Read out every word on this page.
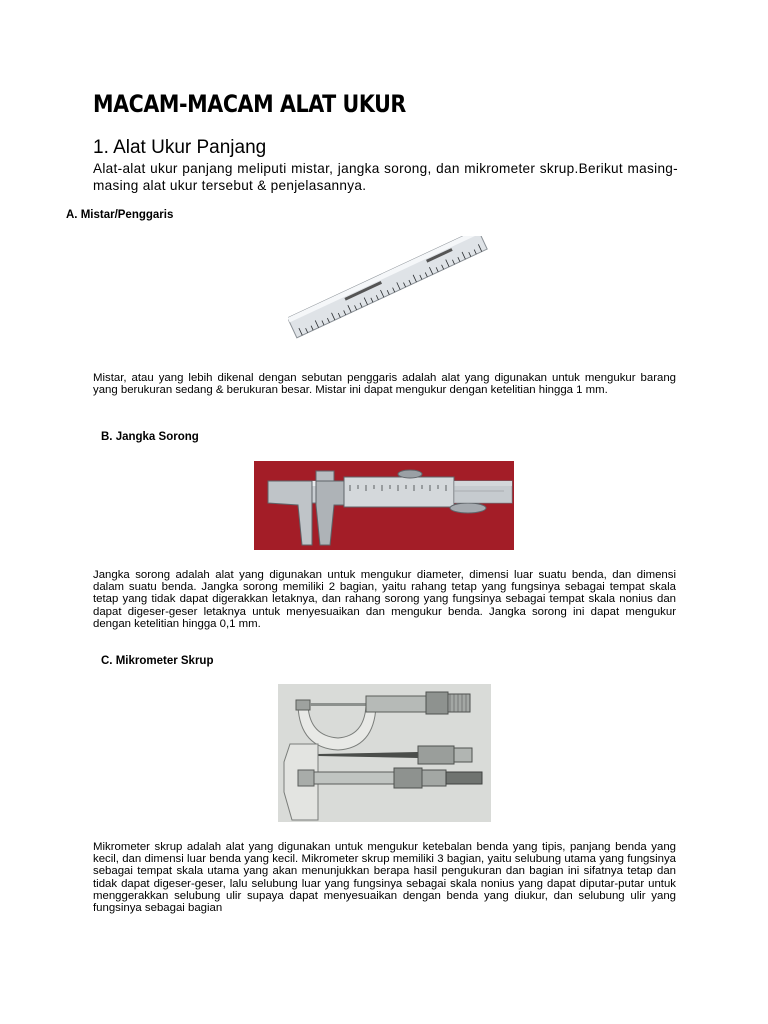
MACAM-MACAM ALAT UKUR
1. Alat Ukur Panjang

Alat-alat ukur panjang meliputi mistar, jangka sorong, dan mikrometer skrup.Berikut masing-masing alat ukur tersebut & penjelasannya.

A. Mistar/Penggaris

Mistar, atau yang lebih dikenal dengan sebutan penggaris adalah alat yang digunakan untuk mengukur barang yang berukuran sedang & berukuran besar. Mistar ini dapat mengukur dengan ketelitian hingga 1 mm.

B. Jangka Sorong

Jangka sorong adalah alat yang digunakan untuk mengukur diameter, dimensi luar suatu benda, dan dimensi dalam suatu benda. Jangka sorong memiliki 2 bagian, yaitu rahang tetap yang fungsinya sebagai tempat skala tetap yang tidak dapat digerakkan letaknya, dan rahang sorong yang fungsinya sebagai tempat skala nonius dan dapat digeser-geser letaknya untuk menyesuaikan dan mengukur benda. Jangka sorong ini dapat mengukur dengan ketelitian hingga 0,1 mm.

C. Mikrometer Skrup

Mikrometer skrup adalah alat yang digunakan untuk mengukur ketebalan benda yang tipis, panjang benda yang kecil, dan dimensi luar benda yang kecil. Mikrometer skrup memiliki 3 bagian, yaitu selubung utama yang fungsinya sebagai tempat skala utama yang akan menunjukkan berapa hasil pengukuran dan bagian ini sifatnya tetap dan tidak dapat digeser-geser, lalu selubung luar yang fungsinya sebagai skala nonius yang dapat diputar-putar untuk menggerakkan selubung ulir supaya dapat menyesuaikan dengan benda yang diukur, dan selubung ulir yang fungsinya sebagai bagian
